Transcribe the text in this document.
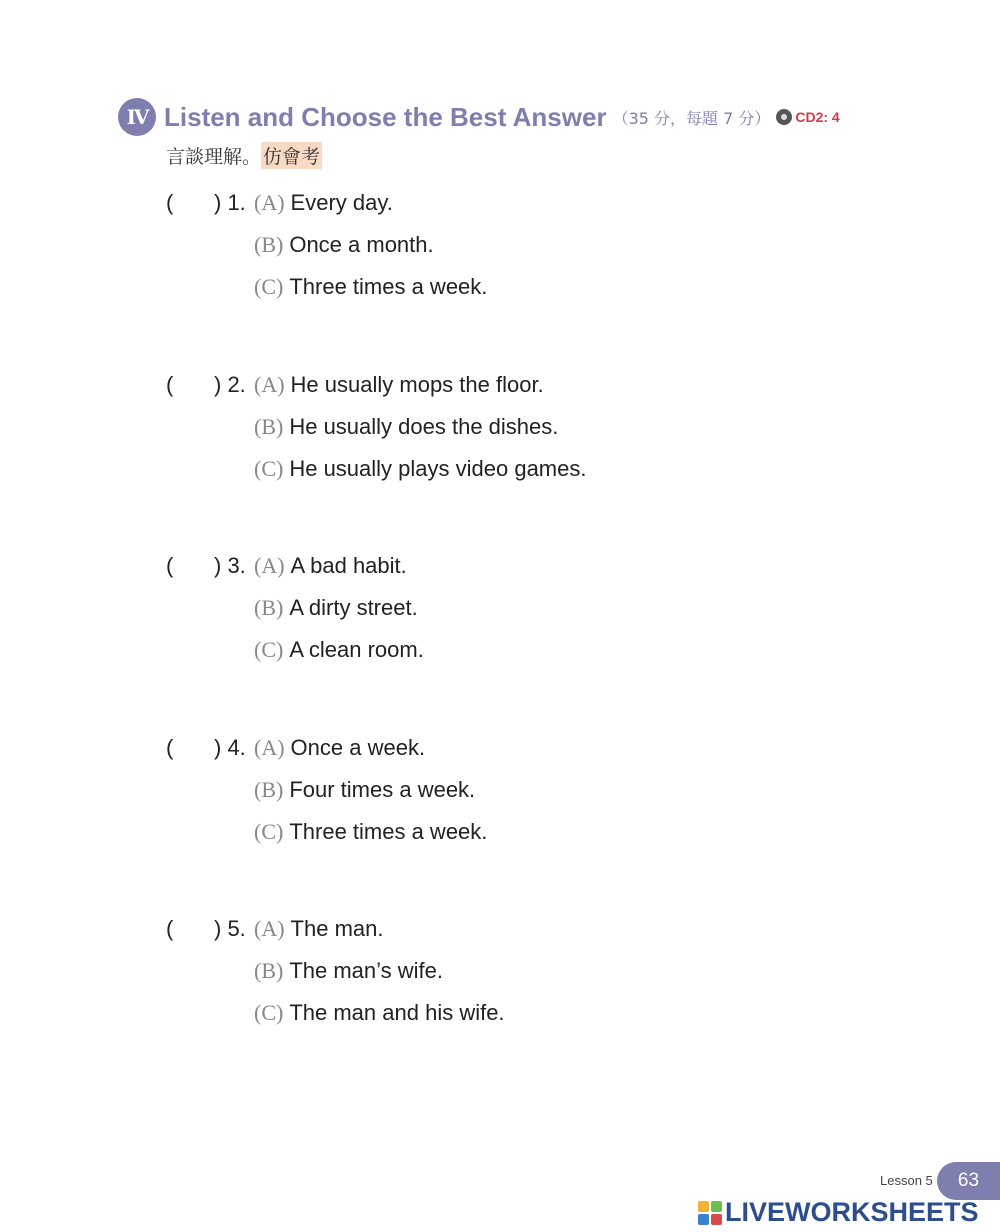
IV Listen and Choose the Best Answer （35 分，每題 7 分） CD2: 4
言談理解。 仿會考
(	) 1. (A) Every day.
(B) Once a month.
(C) Three times a week.
(	) 2. (A) He usually mops the floor.
(B) He usually does the dishes.
(C) He usually plays video games.
(	) 3. (A) A bad habit.
(B) A dirty street.
(C) A clean room.
(	) 4. (A) Once a week.
(B) Four times a week.
(C) Three times a week.
(	) 5. (A) The man.
(B) The man’s wife.
(C) The man and his wife.
Lesson 5	63
LIVEWORKSHEETS
